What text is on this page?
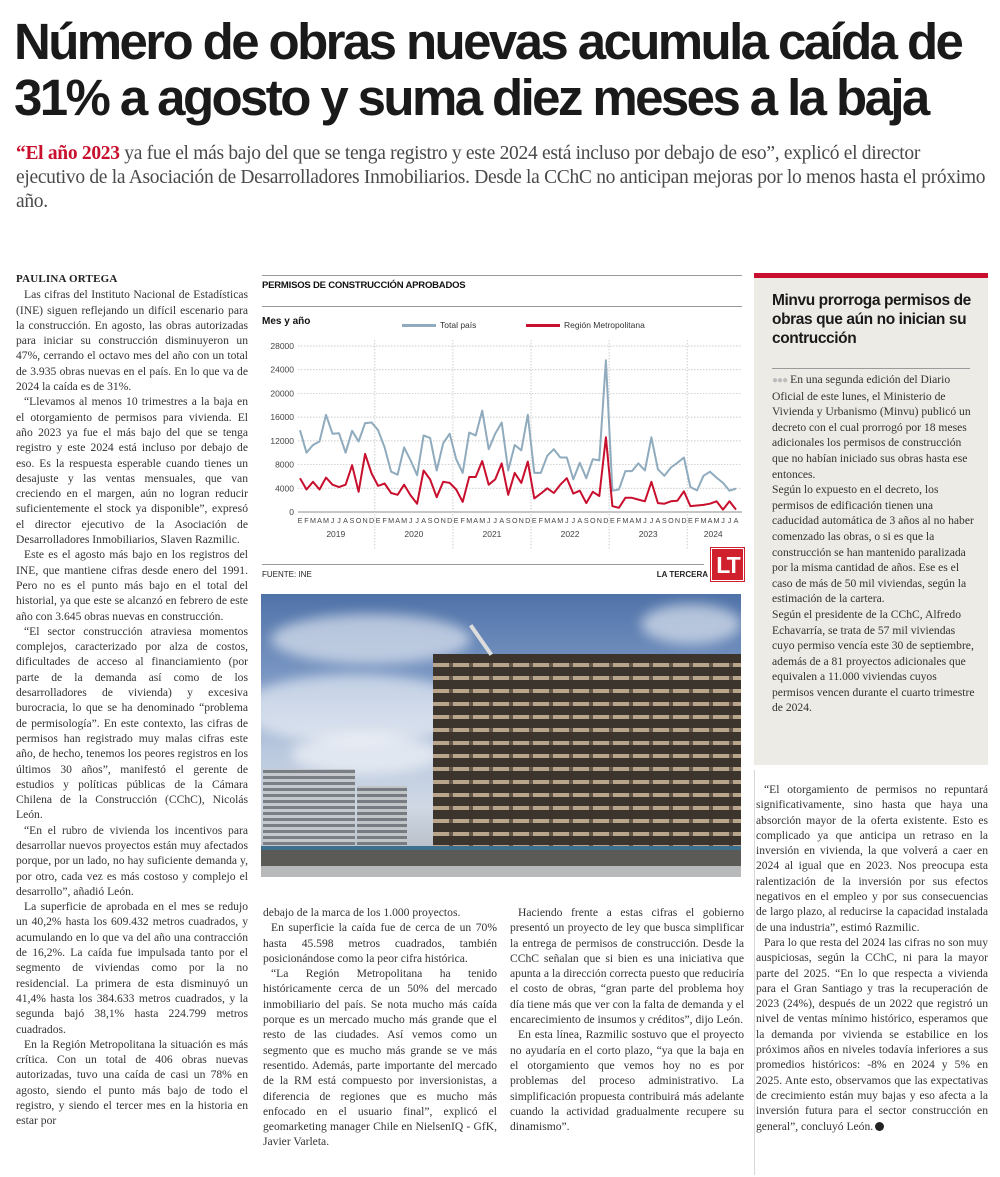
Número de obras nuevas acumula caída de 31% a agosto y suma diez meses a la baja
“El año 2023 ya fue el más bajo del que se tenga registro y este 2024 está incluso por debajo de eso”, explicó el director ejecutivo de la Asociación de Desarrolladores Inmobiliarios. Desde la CChC no anticipan mejoras por lo menos hasta el próximo año.

PAULINA ORTEGA

Las cifras del Instituto Nacional de Estadísticas (INE) siguen reflejando un difícil escenario para la construcción. En agosto, las obras autorizadas para iniciar su construcción disminuyeron un 47%, cerrando el octavo mes del año con un total de 3.935 obras nuevas en el país. En lo que va de 2024 la caída es de 31%.

“Llevamos al menos 10 trimestres a la baja en el otorgamiento de permisos para vivienda. El año 2023 ya fue el más bajo del que se tenga registro y este 2024 está incluso por debajo de eso. Es la respuesta esperable cuando tienes un desajuste y las ventas mensuales, que van creciendo en el margen, aún no logran reducir suficientemente el stock ya disponible”, expresó el director ejecutivo de la Asociación de Desarrolladores Inmobiliarios, Slaven Razmilic.

Este es el agosto más bajo en los registros del INE, que mantiene cifras desde enero del 1991. Pero no es el punto más bajo en el total del historial, ya que este se alcanzó en febrero de este año con 3.645 obras nuevas en construcción.

“El sector construcción atraviesa momentos complejos, caracterizado por alza de costos, dificultades de acceso al financiamiento (por parte de la demanda así como de los desarrolladores de vivienda) y excesiva burocracia, lo que se ha denominado “problema de permisología”. En este contexto, las cifras de permisos han registrado muy malas cifras este año, de hecho, tenemos los peores registros en los últimos 30 años”, manifestó el gerente de estudios y políticas públicas de la Cámara Chilena de la Construcción (CChC), Nicolás León.

“En el rubro de vivienda los incentivos para desarrollar nuevos proyectos están muy afectados porque, por un lado, no hay suficiente demanda y, por otro, cada vez es más costoso y complejo el desarrollo”, añadió León.

La superficie de aprobada en el mes se redujo un 40,2% hasta los 609.432 metros cuadrados, y acumulando en lo que va del año una contracción de 16,2%. La caída fue impulsada tanto por el segmento de viviendas como por la no residencial. La primera de esta disminuyó un 41,4% hasta los 384.633 metros cuadrados, y la segunda bajó 38,1% hasta 224.799 metros cuadrados.

En la Región Metropolitana la situación es más crítica. Con un total de 406 obras nuevas autorizadas, tuvo una caída de casi un 78% en agosto, siendo el punto más bajo de todo el registro, y siendo el tercer mes en la historia en estar por

PERMISOS DE CONSTRUCCIÓN APROBADOS
Mes y año	Total país	Región Metropolitana
0
4000
8000
12000
16000
20000
24000
28000
2019	2020	2021	2022	2023	2024
E F M A M J J A S O N D E F M A M J J A S O N D E F M A M J J A S O N D E F M A M J J A S O N D E F M A M J J A S O N D E F M A M J J A
FUENTE: INE	LA TERCERA LT

debajo de la marca de los 1.000 proyectos.

En superficie la caída fue de cerca de un 70% hasta 45.598 metros cuadrados, también posicionándose como la peor cifra histórica.

“La Región Metropolitana ha tenido históricamente cerca de un 50% del mercado inmobiliario del país. Se nota mucho más caída porque es un mercado mucho más grande que el resto de las ciudades. Así vemos como un segmento que es mucho más grande se ve más resentido. Además, parte importante del mercado de la RM está compuesto por inversionistas, a diferencia de regiones que es mucho más enfocado en el usuario final”, explicó el geomarketing manager Chile en NielsenIQ - GfK, Javier Varleta.

Haciendo frente a estas cifras el gobierno presentó un proyecto de ley que busca simplificar la entrega de permisos de construcción. Desde la CChC señalan que si bien es una iniciativa que apunta a la dirección correcta puesto que reduciría el costo de obras, “gran parte del problema hoy día tiene más que ver con la falta de demanda y el encarecimiento de insumos y créditos”, dijo León.

En esta línea, Razmilic sostuvo que el proyecto no ayudaría en el corto plazo, “ya que la baja en el otorgamiento que vemos hoy no es por problemas del proceso administrativo. La simplificación propuesta contribuirá más adelante cuando la actividad gradualmente recupere su dinamismo”.

Minvu prorroga permisos de obras que aún no inician su contrucción

●●● En una segunda edición del Diario Oficial de este lunes, el Ministerio de Vivienda y Urbanismo (Minvu) publicó un decreto con el cual prorrogó por 18 meses adicionales los permisos de construcción que no habían iniciado sus obras hasta ese entonces.

Según lo expuesto en el decreto, los permisos de edificación tienen una caducidad automática de 3 años al no haber comenzado las obras, o si es que la construcción se han mantenido paralizada por la misma cantidad de años. Ese es el caso de más de 50 mil viviendas, según la estimación de la cartera.

Según el presidente de la CChC, Alfredo Echavarría, se trata de 57 mil viviendas cuyo permiso vencía este 30 de septiembre, además de a 81 proyectos adicionales que equivalen a 11.000 viviendas cuyos permisos vencen durante el cuarto trimestre de 2024.

“El otorgamiento de permisos no repuntará significativamente, sino hasta que haya una absorción mayor de la oferta existente. Esto es complicado ya que anticipa un retraso en la inversión en vivienda, la que volverá a caer en 2024 al igual que en 2023. Nos preocupa esta ralentización de la inversión por sus efectos negativos en el empleo y por sus consecuencias de largo plazo, al reducirse la capacidad instalada de una industria”, estimó Razmilic.

Para lo que resta del 2024 las cifras no son muy auspiciosas, según la CChC, ni para la mayor parte del 2025. “En lo que respecta a vivienda para el Gran Santiago y tras la recuperación de 2023 (24%), después de un 2022 que registró un nivel de ventas mínimo histórico, esperamos que la demanda por vivienda se estabilice en los próximos años en niveles todavía inferiores a sus promedios históricos: -8% en 2024 y 5% en 2025. Ante esto, observamos que las expectativas de crecimiento están muy bajas y eso afecta a la inversión futura para el sector construcción en general”, concluyó León.
